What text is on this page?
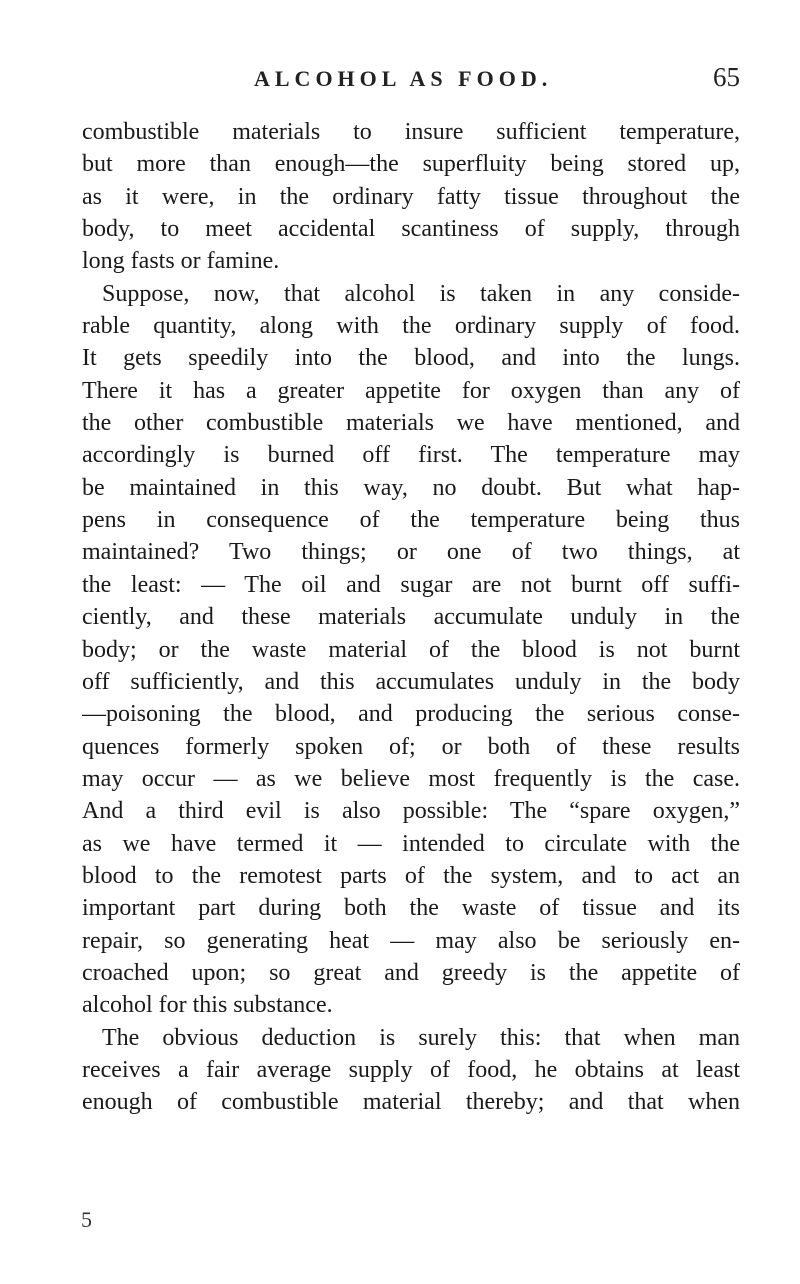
ALCOHOL AS FOOD.	65
combustible materials to insure sufficient temperature,
but more than enough—the superfluity being stored up,
as it were, in the ordinary fatty tissue throughout the
body, to meet accidental scantiness of supply, through
long fasts or famine.
Suppose, now, that alcohol is taken in any conside-
rable quantity, along with the ordinary supply of food.
It gets speedily into the blood, and into the lungs.
There it has a greater appetite for oxygen than any of
the other combustible materials we have mentioned, and
accordingly is burned off first. The temperature may
be maintained in this way, no doubt. But what hap-
pens in consequence of the temperature being thus
maintained? Two things; or one of two things, at
the least: — The oil and sugar are not burnt off suffi-
ciently, and these materials accumulate unduly in the
body; or the waste material of the blood is not burnt
off sufficiently, and this accumulates unduly in the body
—poisoning the blood, and producing the serious conse-
quences formerly spoken of; or both of these results
may occur — as we believe most frequently is the case.
And a third evil is also possible: The “spare oxygen,”
as we have termed it — intended to circulate with the
blood to the remotest parts of the system, and to act an
important part during both the waste of tissue and its
repair, so generating heat — may also be seriously en-
croached upon; so great and greedy is the appetite of
alcohol for this substance.
The obvious deduction is surely this: that when man
receives a fair average supply of food, he obtains at least
enough of combustible material thereby; and that when
5
